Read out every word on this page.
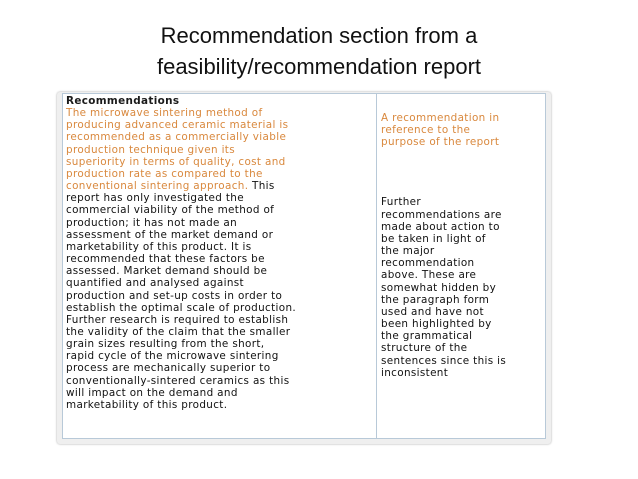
Recommendation section from a
feasibility/recommendation report
Recommendations
The microwave sintering method of
producing advanced ceramic material is
recommended as a commercially viable
production technique given its
superiority in terms of quality, cost and
production rate as compared to the
conventional sintering approach. This
report has only investigated the
commercial viability of the method of
production; it has not made an
assessment of the market demand or
marketability of this product. It is
recommended that these factors be
assessed. Market demand should be
quantified and analysed against
production and set-up costs in order to
establish the optimal scale of production.
Further research is required to establish
the validity of the claim that the smaller
grain sizes resulting from the short,
rapid cycle of the microwave sintering
process are mechanically superior to
conventionally-sintered ceramics as this
will impact on the demand and
marketability of this product.
A recommendation in
reference to the
purpose of the report
Further
recommendations are
made about action to
be taken in light of
the major
recommendation
above. These are
somewhat hidden by
the paragraph form
used and have not
been highlighted by
the grammatical
structure of the
sentences since this is
inconsistent
